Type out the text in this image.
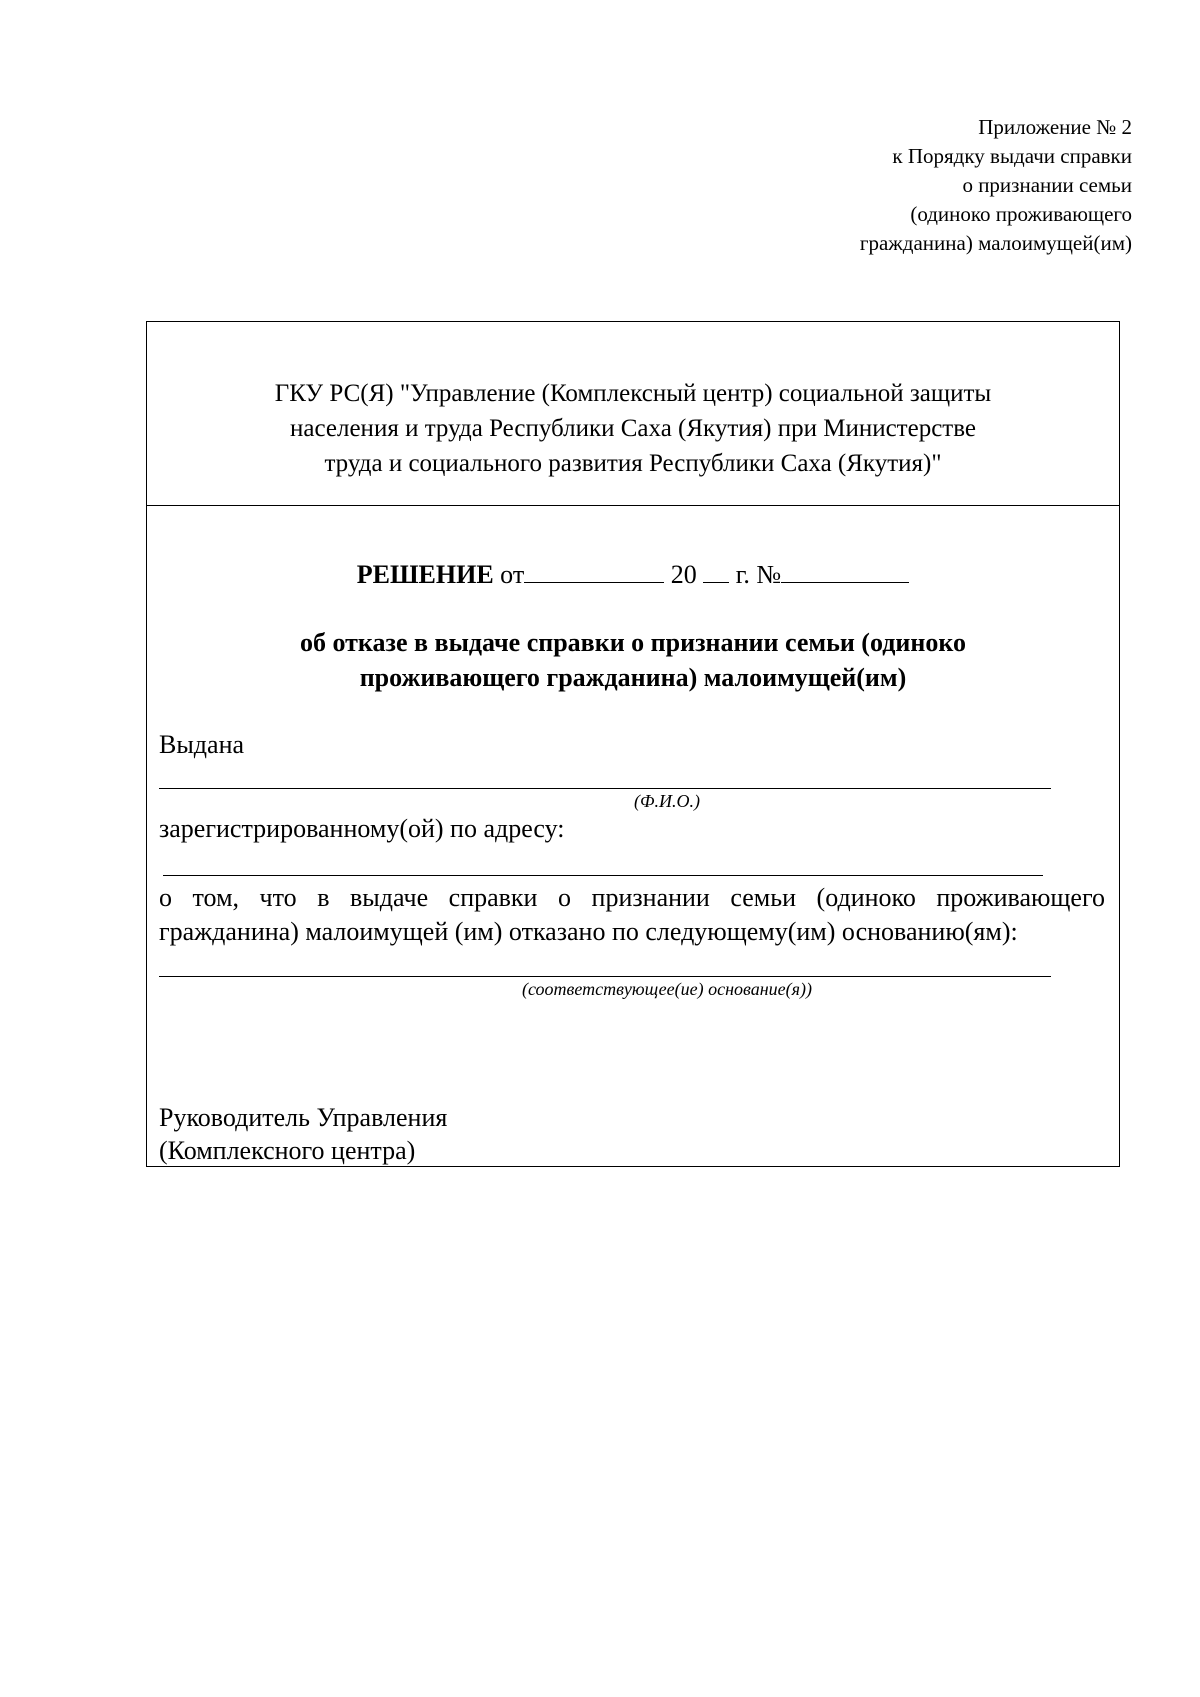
Приложение № 2
к Порядку выдачи справки
о признании семьи
(одиноко проживающего
гражданина) малоимущей(им)
ГКУ РС(Я) "Управление (Комплексный центр) социальной защиты
населения и труда Республики Саха (Якутия) при Министерстве
труда и социального развития Республики Саха (Якутия)"
РЕШЕНИЕ от	20 г. №
об отказе в выдаче справки о признании семьи (одиноко
проживающего гражданина) малоимущей(им)
Выдана
(Ф.И.О.)
зарегистрированному(ой) по адресу:
о том, что в выдаче справки о признании семьи (одиноко проживающего
гражданина) малоимущей (им) отказано по следующему(им) основанию(ям):
(соответствующее(ие) основание(я))
Руководитель Управления
(Комплексного центра)
